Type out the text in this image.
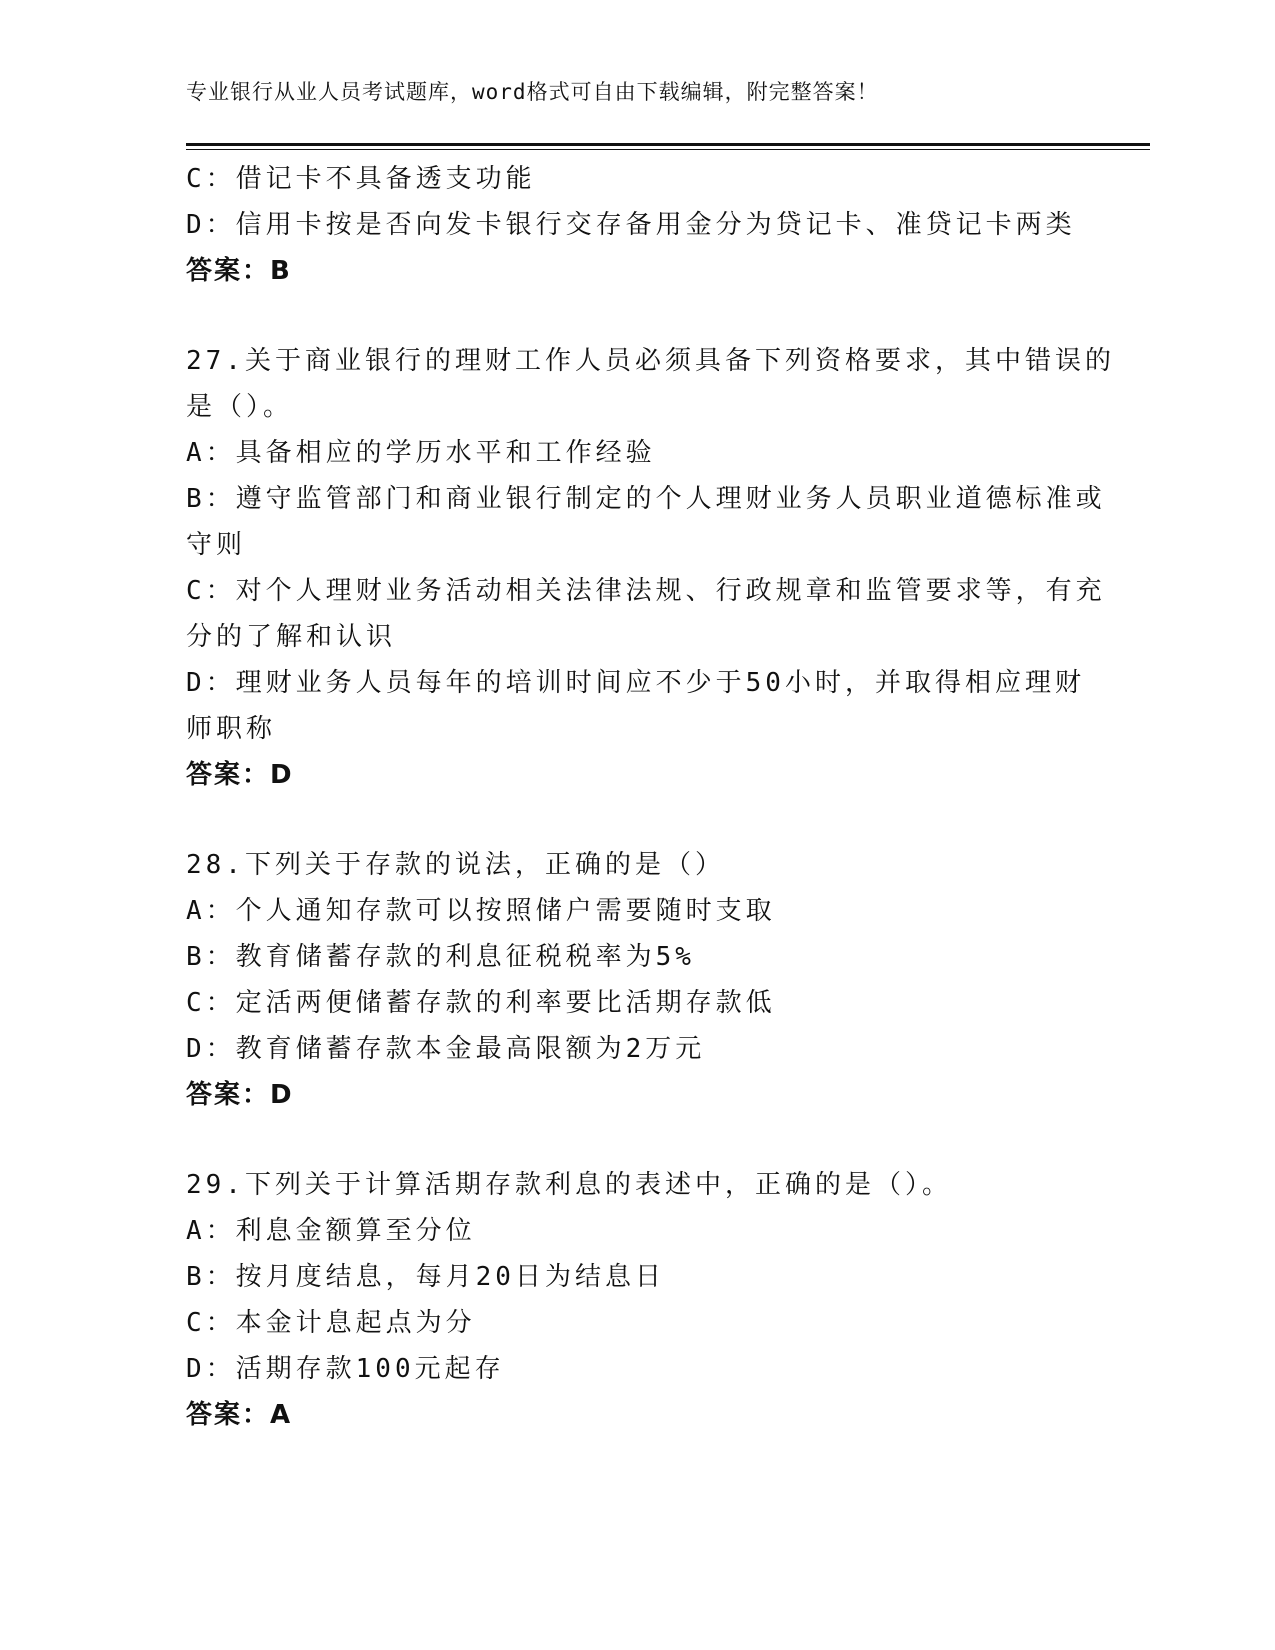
专业银行从业人员考试题库，word格式可自由下载编辑，附完整答案！
C：借记卡不具备透支功能
D：信用卡按是否向发卡银行交存备用金分为贷记卡、准贷记卡两类
答案：B
27.关于商业银行的理财工作人员必须具备下列资格要求，其中错误的
是（）。
A：具备相应的学历水平和工作经验
B：遵守监管部门和商业银行制定的个人理财业务人员职业道德标准或
守则
C：对个人理财业务活动相关法律法规、行政规章和监管要求等，有充
分的了解和认识
D：理财业务人员每年的培训时间应不少于50小时，并取得相应理财
师职称
答案：D
28.下列关于存款的说法，正确的是（）
A：个人通知存款可以按照储户需要随时支取
B：教育储蓄存款的利息征税税率为5%
C：定活两便储蓄存款的利率要比活期存款低
D：教育储蓄存款本金最高限额为2万元
答案：D
29.下列关于计算活期存款利息的表述中，正确的是（）。
A：利息金额算至分位
B：按月度结息，每月20日为结息日
C：本金计息起点为分
D：活期存款100元起存
答案：A
